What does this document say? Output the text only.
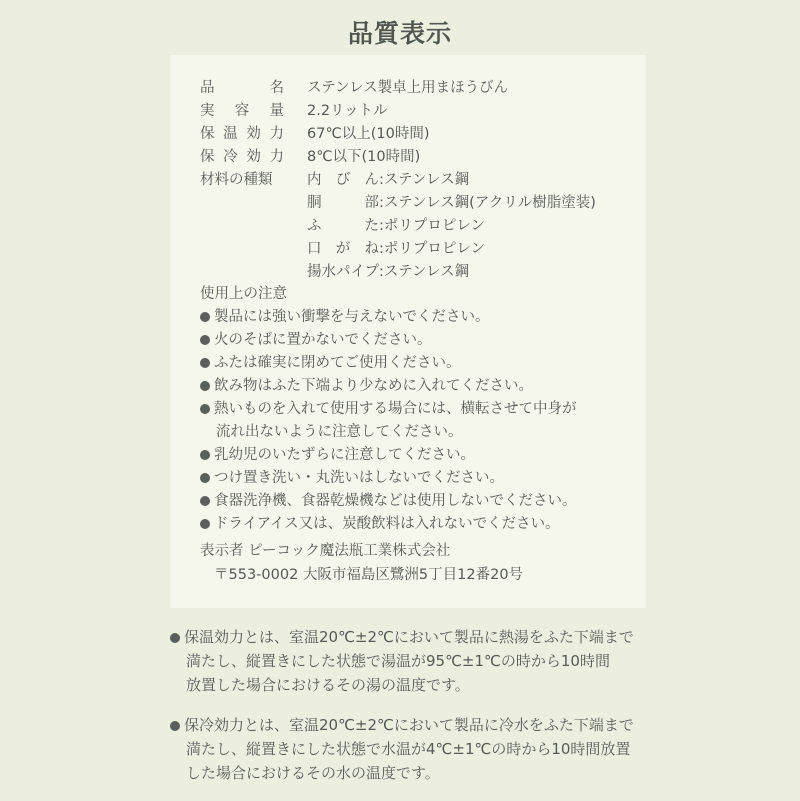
品質表示
品	名 ステンレス製卓上用まほうびん
実 容 量 2.2リットル
保 温 効 力 67℃以上(10時間)
保 冷 効 力 8℃以下(10時間)
材料の種類	内 び ん :ステンレス鋼
胴	部 :ステンレス鋼(アクリル樹脂塗装)
ふ	た :ポリプロピレン
口 が ね :ポリプロピレン
揚水パイプ :ステンレス鋼
使用上の注意
製品には強い衝撃を与えないでください。
火のそばに置かないでください。
ふたは確実に閉めてご使用ください。
飲み物はふた下端より少なめに入れてください。
熱いものを入れて使用する場合には、横転させて中身が
流れ出ないように注意してください。
乳幼児のいたずらに注意してください。
つけ置き洗い・丸洗いはしないでください。
食器洗浄機、食器乾燥機などは使用しないでください。
ドライアイス又は、炭酸飲料は入れないでください。
表示者 ピーコック魔法瓶工業株式会社
〒553-0002 大阪市福島区鷺洲5丁目12番20号
保温効力とは、室温20℃±2℃において製品に熱湯をふた下端まで
満たし、縦置きにした状態で湯温が95℃±1℃の時から10時間
放置した場合におけるその湯の温度です。
保冷効力とは、室温20℃±2℃において製品に冷水をふた下端まで
満たし、縦置きにした状態で水温が4℃±1℃の時から10時間放置
した場合におけるその水の温度です。
